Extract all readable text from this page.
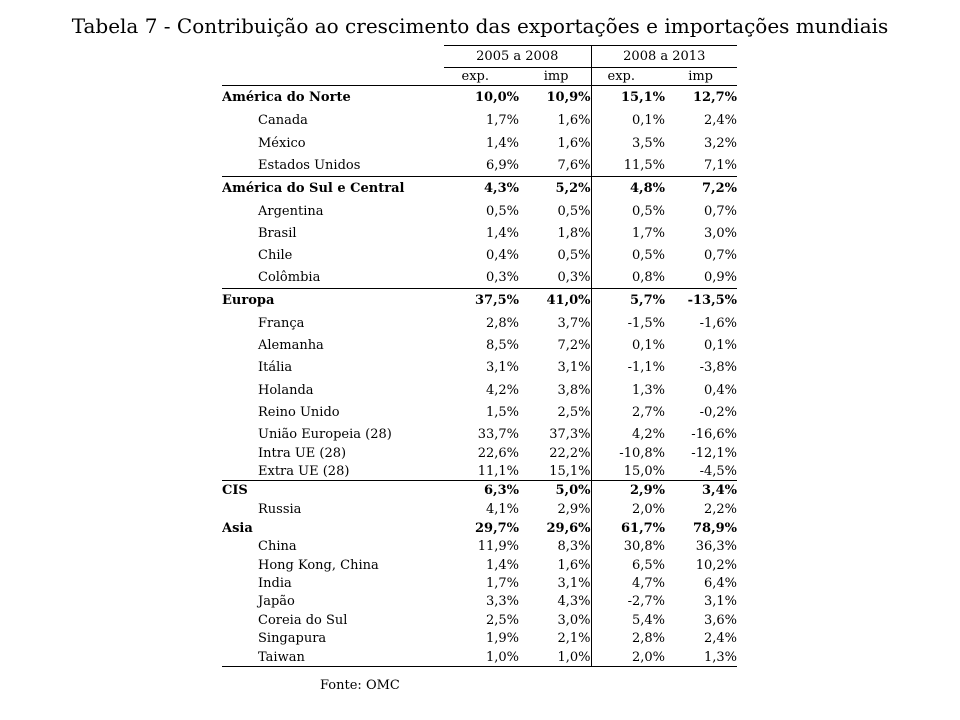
Tabela 7 - Contribuição ao crescimento das exportações e importações mundiais
	2005 a 2008		2008 a 2013	
	exp.	imp	exp.	imp
América do Norte	10,0%	10,9%	15,1%	12,7%
Canada	1,7%	1,6%	0,1%	2,4%
México	1,4%	1,6%	3,5%	3,2%
Estados Unidos	6,9%	7,6%	11,5%	7,1%
América do Sul e Central	4,3%	5,2%	4,8%	7,2%
Argentina	0,5%	0,5%	0,5%	0,7%
Brasil	1,4%	1,8%	1,7%	3,0%
Chile	0,4%	0,5%	0,5%	0,7%
Colômbia	0,3%	0,3%	0,8%	0,9%
Europa	37,5%	41,0%	5,7%	-13,5%
França	2,8%	3,7%	-1,5%	-1,6%
Alemanha	8,5%	7,2%	0,1%	0,1%
Itália	3,1%	3,1%	-1,1%	-3,8%
Holanda	4,2%	3,8%	1,3%	0,4%
Reino Unido	1,5%	2,5%	2,7%	-0,2%
União Europeia (28)	33,7%	37,3%	4,2%	-16,6%
Intra UE (28)	22,6%	22,2%	-10,8%	-12,1%
Extra UE (28)	11,1%	15,1%	15,0%	-4,5%
CIS	6,3%	5,0%	2,9%	3,4%
Russia	4,1%	2,9%	2,0%	2,2%
Asia	29,7%	29,6%	61,7%	78,9%
China	11,9%	8,3%	30,8%	36,3%
Hong Kong, China	1,4%	1,6%	6,5%	10,2%
India	1,7%	3,1%	4,7%	6,4%
Japão	3,3%	4,3%	-2,7%	3,1%
Coreia do Sul	2,5%	3,0%	5,4%	3,6%
Singapura	1,9%	2,1%	2,8%	2,4%
Taiwan	1,0%	1,0%	2,0%	1,3%
Fonte: OMC
